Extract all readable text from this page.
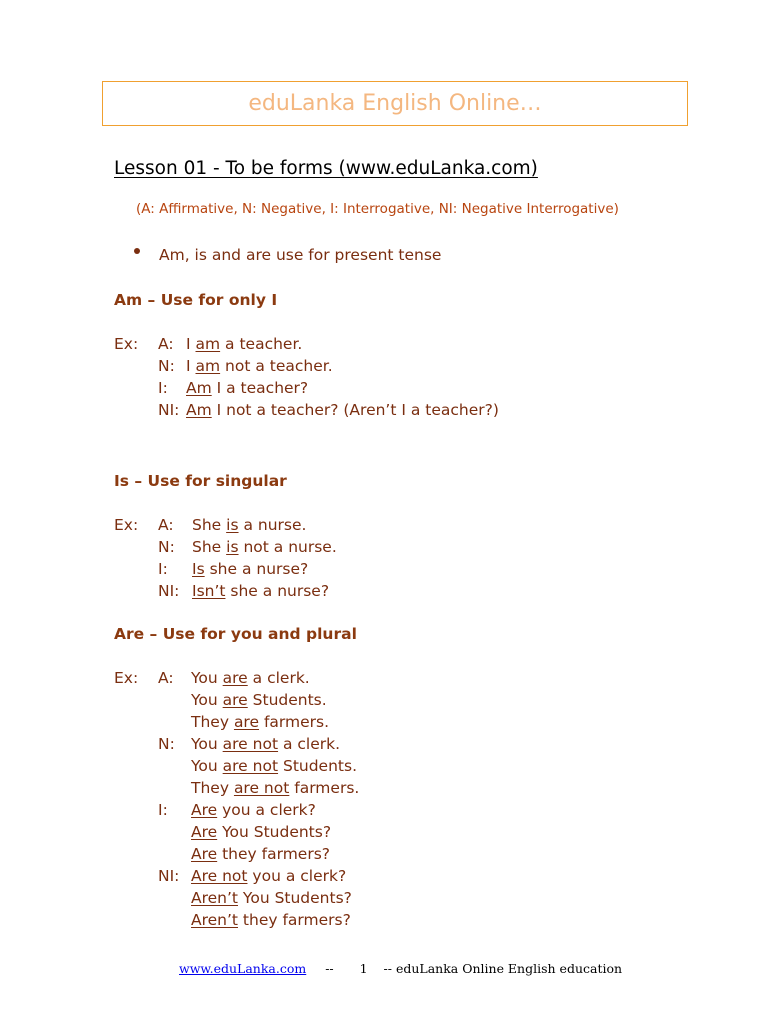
eduLanka English Online…
Lesson 01 - To be forms (www.eduLanka.com)
(A: Affirmative, N: Negative, I: Interrogative, NI: Negative Interrogative)
Am, is and are use for present tense
Am – Use for only I
Ex: A: I am a teacher.
N: I am not a teacher.
I: Am I a teacher?
NI: Am I not a teacher? (Aren’t I a teacher?)
Is – Use for singular
Ex: A: She is a nurse.
N: She is not a nurse.
I: Is she a nurse?
NI: Isn’t she a nurse?
Are – Use for you and plural
Ex: A: You are a clerk.
You are Students.
They are farmers.
N: You are not a clerk.
You are not Students.
They are not farmers.
I: Are you a clerk?
Are You Students?
Are they farmers?
NI: Are not you a clerk?
Aren’t You Students?
Aren’t they farmers?
www.eduLanka.com -- 1 -- eduLanka Online English education
